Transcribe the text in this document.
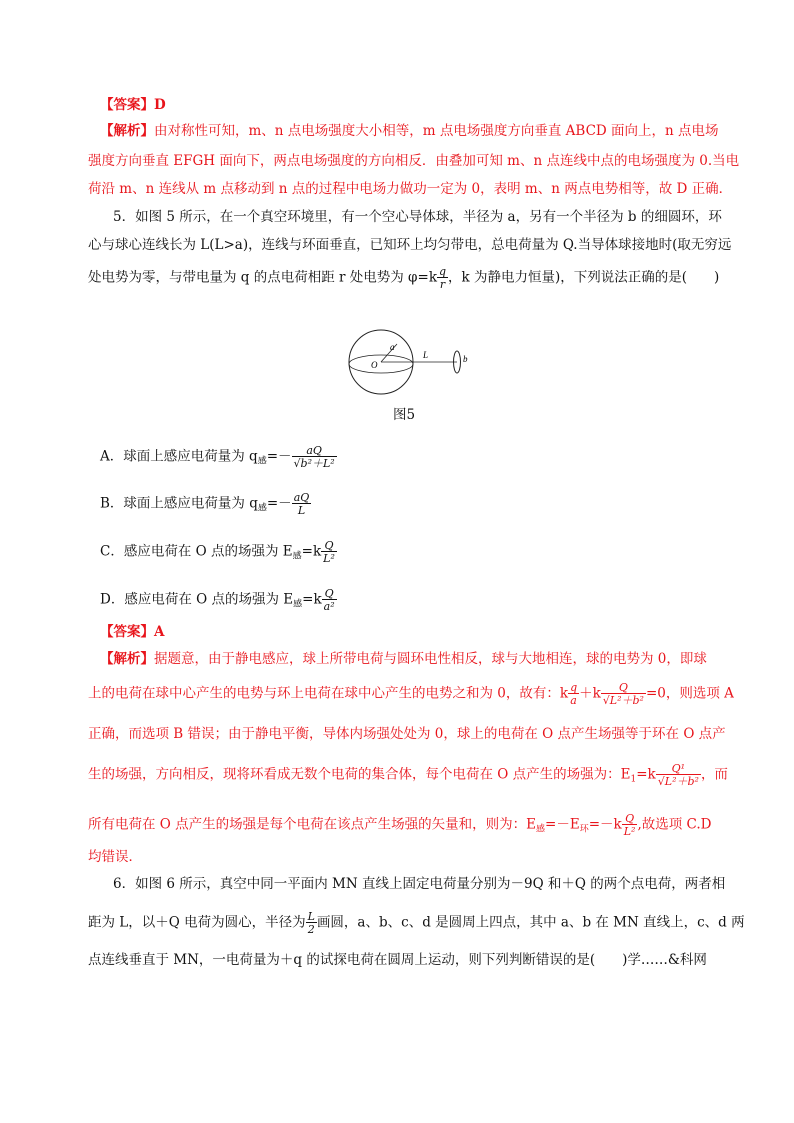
【答案】D
【解析】由对称性可知，m、n 点电场强度大小相等，m 点电场强度方向垂直 ABCD 面向上，n 点电场
强度方向垂直 EFGH 面向下，两点电场强度的方向相反．由叠加可知 m、n 点连线中点的电场强度为 0.当电
荷沿 m、n 连线从 m 点移动到 n 点的过程中电场力做功一定为 0，表明 m、n 两点电势相等，故 D 正确．
5．如图 5 所示，在一个真空环境里，有一个空心导体球，半径为 a，另有一个半径为 b 的细圆环，环
心与球心连线长为 L(L>a)，连线与环面垂直，已知环上均匀带电，总电荷量为 Q.当导体球接地时(取无穷远
处电势为零，与带电量为 q 的点电荷相距 r 处电势为 $\varphi=k \frac{q}{r}$ ，k 为静电力恒量)，下列说法正确的是(　　)
O
a
L	b
图5
A．球面上感应电荷量为 $q_感=- \frac{aQ}{\text{√b²＋L²}}$
B．球面上感应电荷量为 $q_感=- \frac{aQ}{L}$
C．感应电荷在 O 点的场强为 $E_感=k \frac{Q}{\text{L²}}$
D．感应电荷在 O 点的场强为 $E_感=k \frac{Q}{\text{a²}}$
【答案】A
【解析】据题意，由于静电感应，球上所带电荷与圆环电性相反，球与大地相连，球的电势为 0，即球
上的电荷在球中心产生的电势与环上电荷在球中心产生的电势之和为 0，故有：k $\frac{q}{a} +k \frac{Q}{\text{√L²＋b²}} =0$，则选项 A
正确，而选项 B 错误；由于静电平衡，导体内场强处处为 0，球上的电荷在 O 点产生场强等于环在 O 点产
生的场强，方向相反，现将环看成无数个电荷的集合体，每个电荷在 O 点产生的场强为：$E_1=k \frac{\text{Q¹}}{\text{√L²＋b²}}$ ，而
所有电荷在 O 点产生的场强是每个电荷在该点产生场强的矢量和，则为：$E_感=-E_环=-k \frac{Q}{\text{L²}}$ ,故选项 C.D
均错误．
6．如图 6 所示，真空中同一平面内 MN 直线上固定电荷量分别为－9Q 和＋Q 的两个点电荷，两者相
距为 L，以＋Q 电荷为圆心，半径为 $\frac{L}{2}$ 画圆，a、b、c、d 是圆周上四点，其中 a、b 在 MN 直线上，c、d 两
点连线垂直于 MN，一电荷量为＋q 的试探电荷在圆周上运动，则下列判断错误的是(　　)学……&科网
